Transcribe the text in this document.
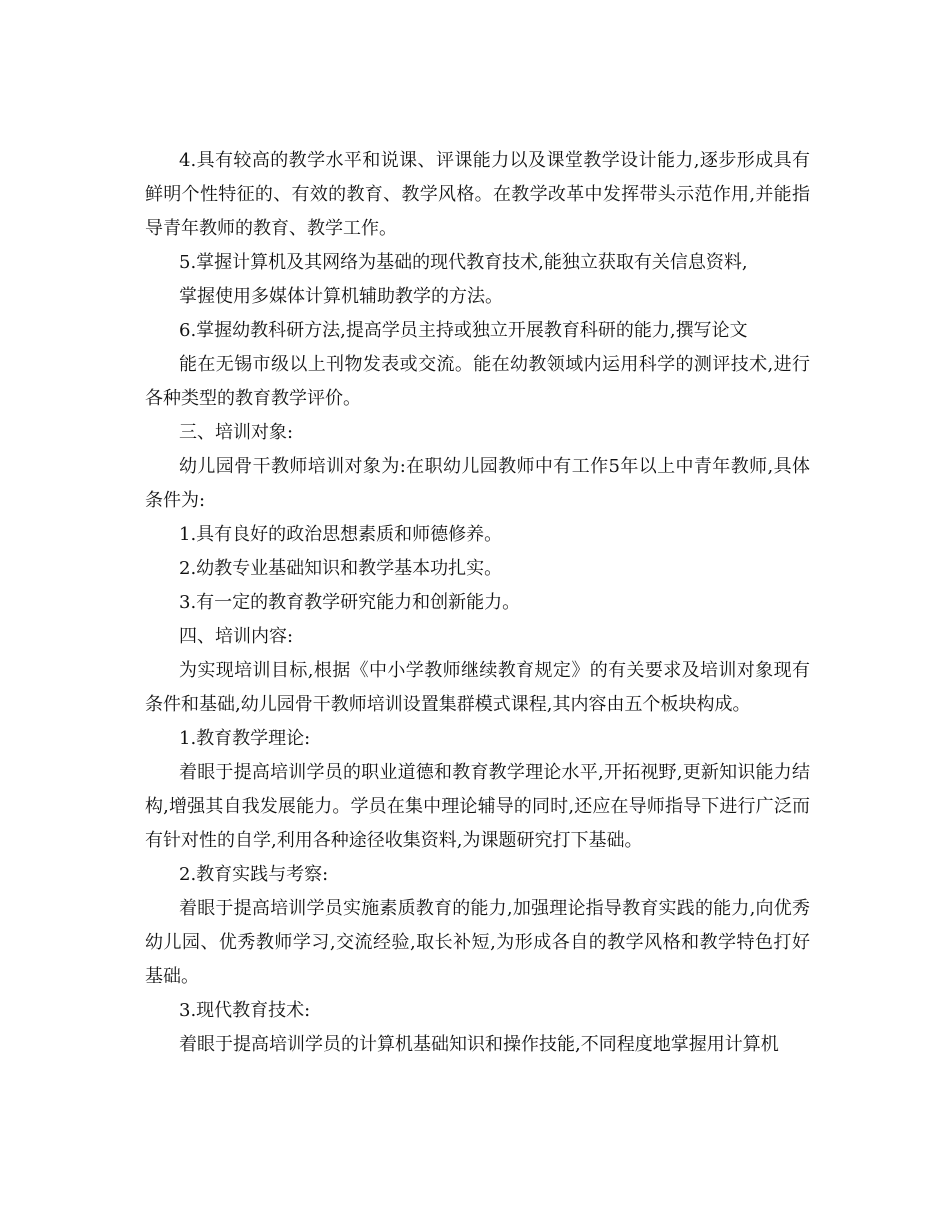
4.具有较高的教学水平和说课、评课能力以及课堂教学设计能力,逐步形成具有鲜明个性特征的、有效的教育、教学风格。在教学改革中发挥带头示范作用,并能指导青年教师的教育、教学工作。

5.掌握计算机及其网络为基础的现代教育技术,能独立获取有关信息资料,

掌握使用多媒体计算机辅助教学的方法。

6.掌握幼教科研方法,提高学员主持或独立开展教育科研的能力,撰写论文

能在无锡市级以上刊物发表或交流。能在幼教领域内运用科学的测评技术,进行各种类型的教育教学评价。

三、培训对象:

幼儿园骨干教师培训对象为:在职幼儿园教师中有工作5年以上中青年教师,具体条件为:

1.具有良好的政治思想素质和师德修养。

2.幼教专业基础知识和教学基本功扎实。

3.有一定的教育教学研究能力和创新能力。

四、培训内容:

为实现培训目标,根据《中小学教师继续教育规定》的有关要求及培训对象现有条件和基础,幼儿园骨干教师培训设置集群模式课程,其内容由五个板块构成。

1.教育教学理论:

着眼于提高培训学员的职业道德和教育教学理论水平,开拓视野,更新知识能力结构,增强其自我发展能力。学员在集中理论辅导的同时,还应在导师指导下进行广泛而有针对性的自学,利用各种途径收集资料,为课题研究打下基础。

2.教育实践与考察:

着眼于提高培训学员实施素质教育的能力,加强理论指导教育实践的能力,向优秀幼儿园、优秀教师学习,交流经验,取长补短,为形成各自的教学风格和教学特色打好基础。

3.现代教育技术:

着眼于提高培训学员的计算机基础知识和操作技能,不同程度地掌握用计算机
